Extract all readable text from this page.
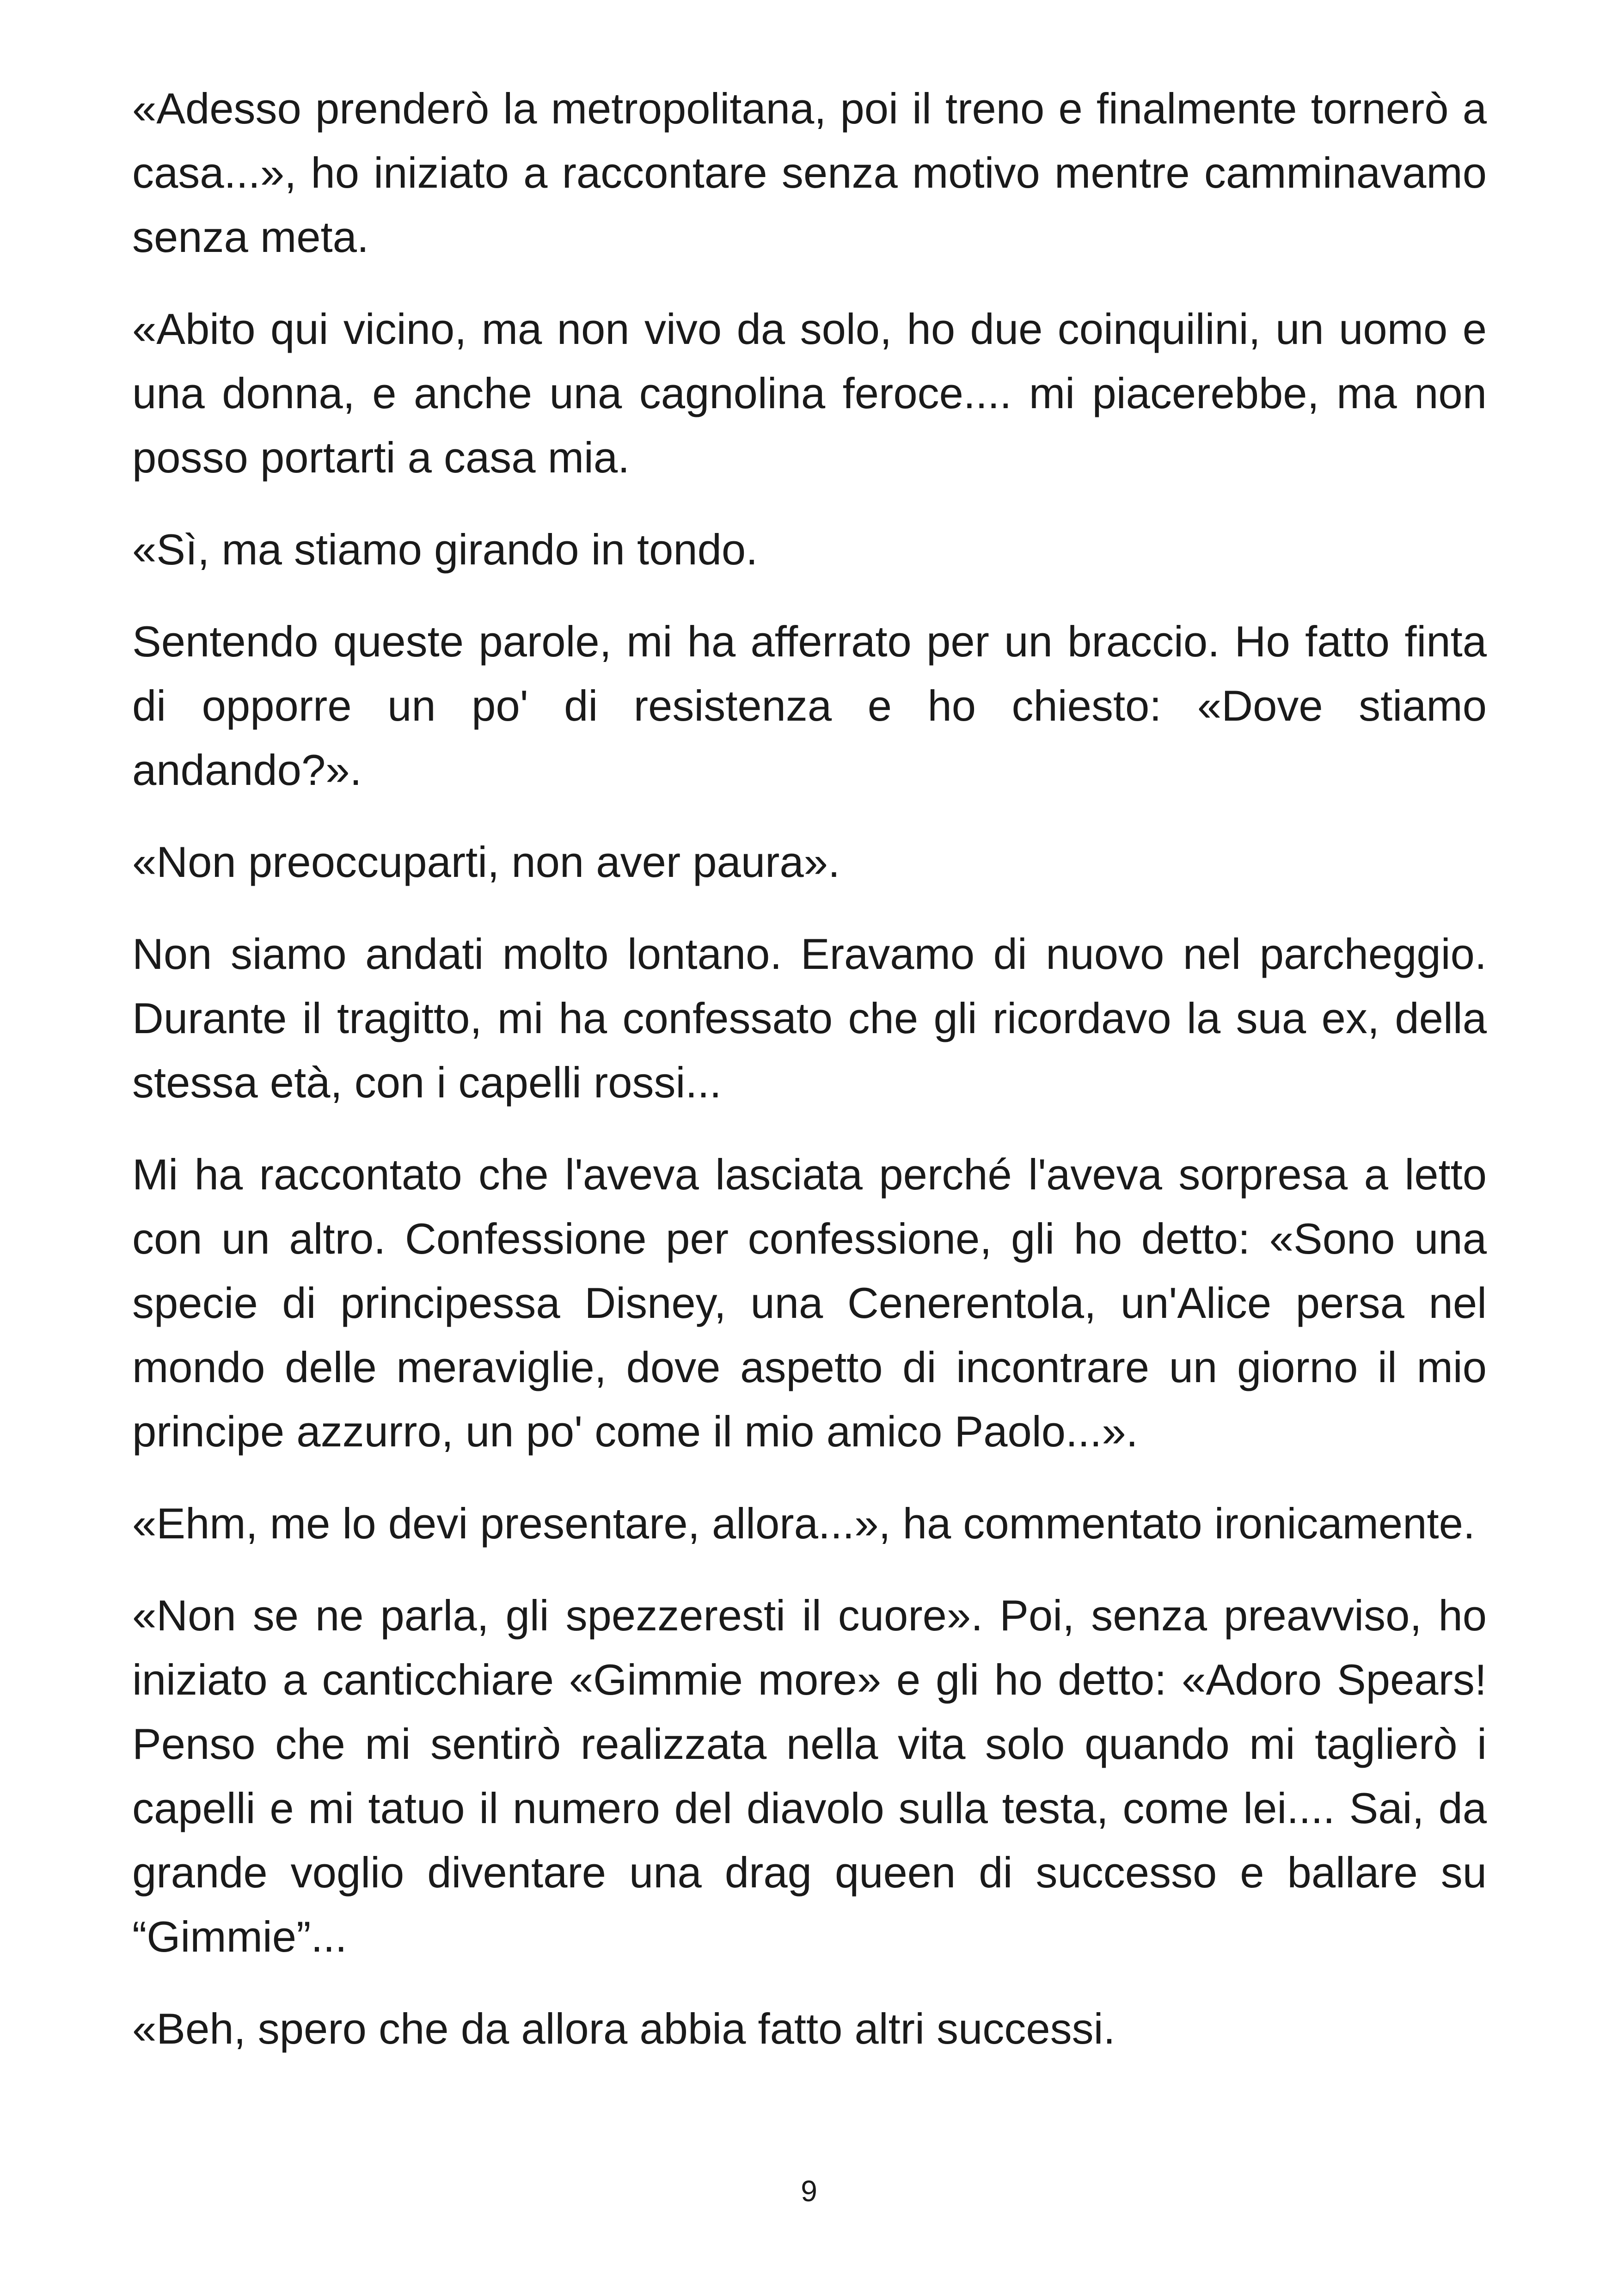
«Adesso prenderò la metropolitana, poi il treno e finalmente tornerò a casa...», ho iniziato a raccontare senza motivo mentre camminavamo senza meta.

«Abito qui vicino, ma non vivo da solo, ho due coinquilini, un uomo e una donna, e anche una cagnolina feroce.... mi piacerebbe, ma non posso portarti a casa mia.

«Sì, ma stiamo girando in tondo.

Sentendo queste parole, mi ha afferrato per un braccio. Ho fatto finta di opporre un po' di resistenza e ho chiesto: «Dove stiamo andando?».

«Non preoccuparti, non aver paura».

Non siamo andati molto lontano. Eravamo di nuovo nel parcheggio. Durante il tragitto, mi ha confessato che gli ricordavo la sua ex, della stessa età, con i capelli rossi...

Mi ha raccontato che l'aveva lasciata perché l'aveva sorpresa a letto con un altro. Confessione per confessione, gli ho detto: «Sono una specie di principessa Disney, una Cenerentola, un'Alice persa nel mondo delle meraviglie, dove aspetto di incontrare un giorno il mio principe azzurro, un po' come il mio amico Paolo...».

«Ehm, me lo devi presentare, allora...», ha commentato ironicamente.

«Non se ne parla, gli spezzeresti il cuore». Poi, senza preavviso, ho iniziato a canticchiare «Gimmie more» e gli ho detto: «Adoro Spears! Penso che mi sentirò realizzata nella vita solo quando mi taglierò i capelli e mi tatuo il numero del diavolo sulla testa, come lei.... Sai, da grande voglio diventare una drag queen di successo e ballare su “Gimmie”...

«Beh, spero che da allora abbia fatto altri successi.

9
